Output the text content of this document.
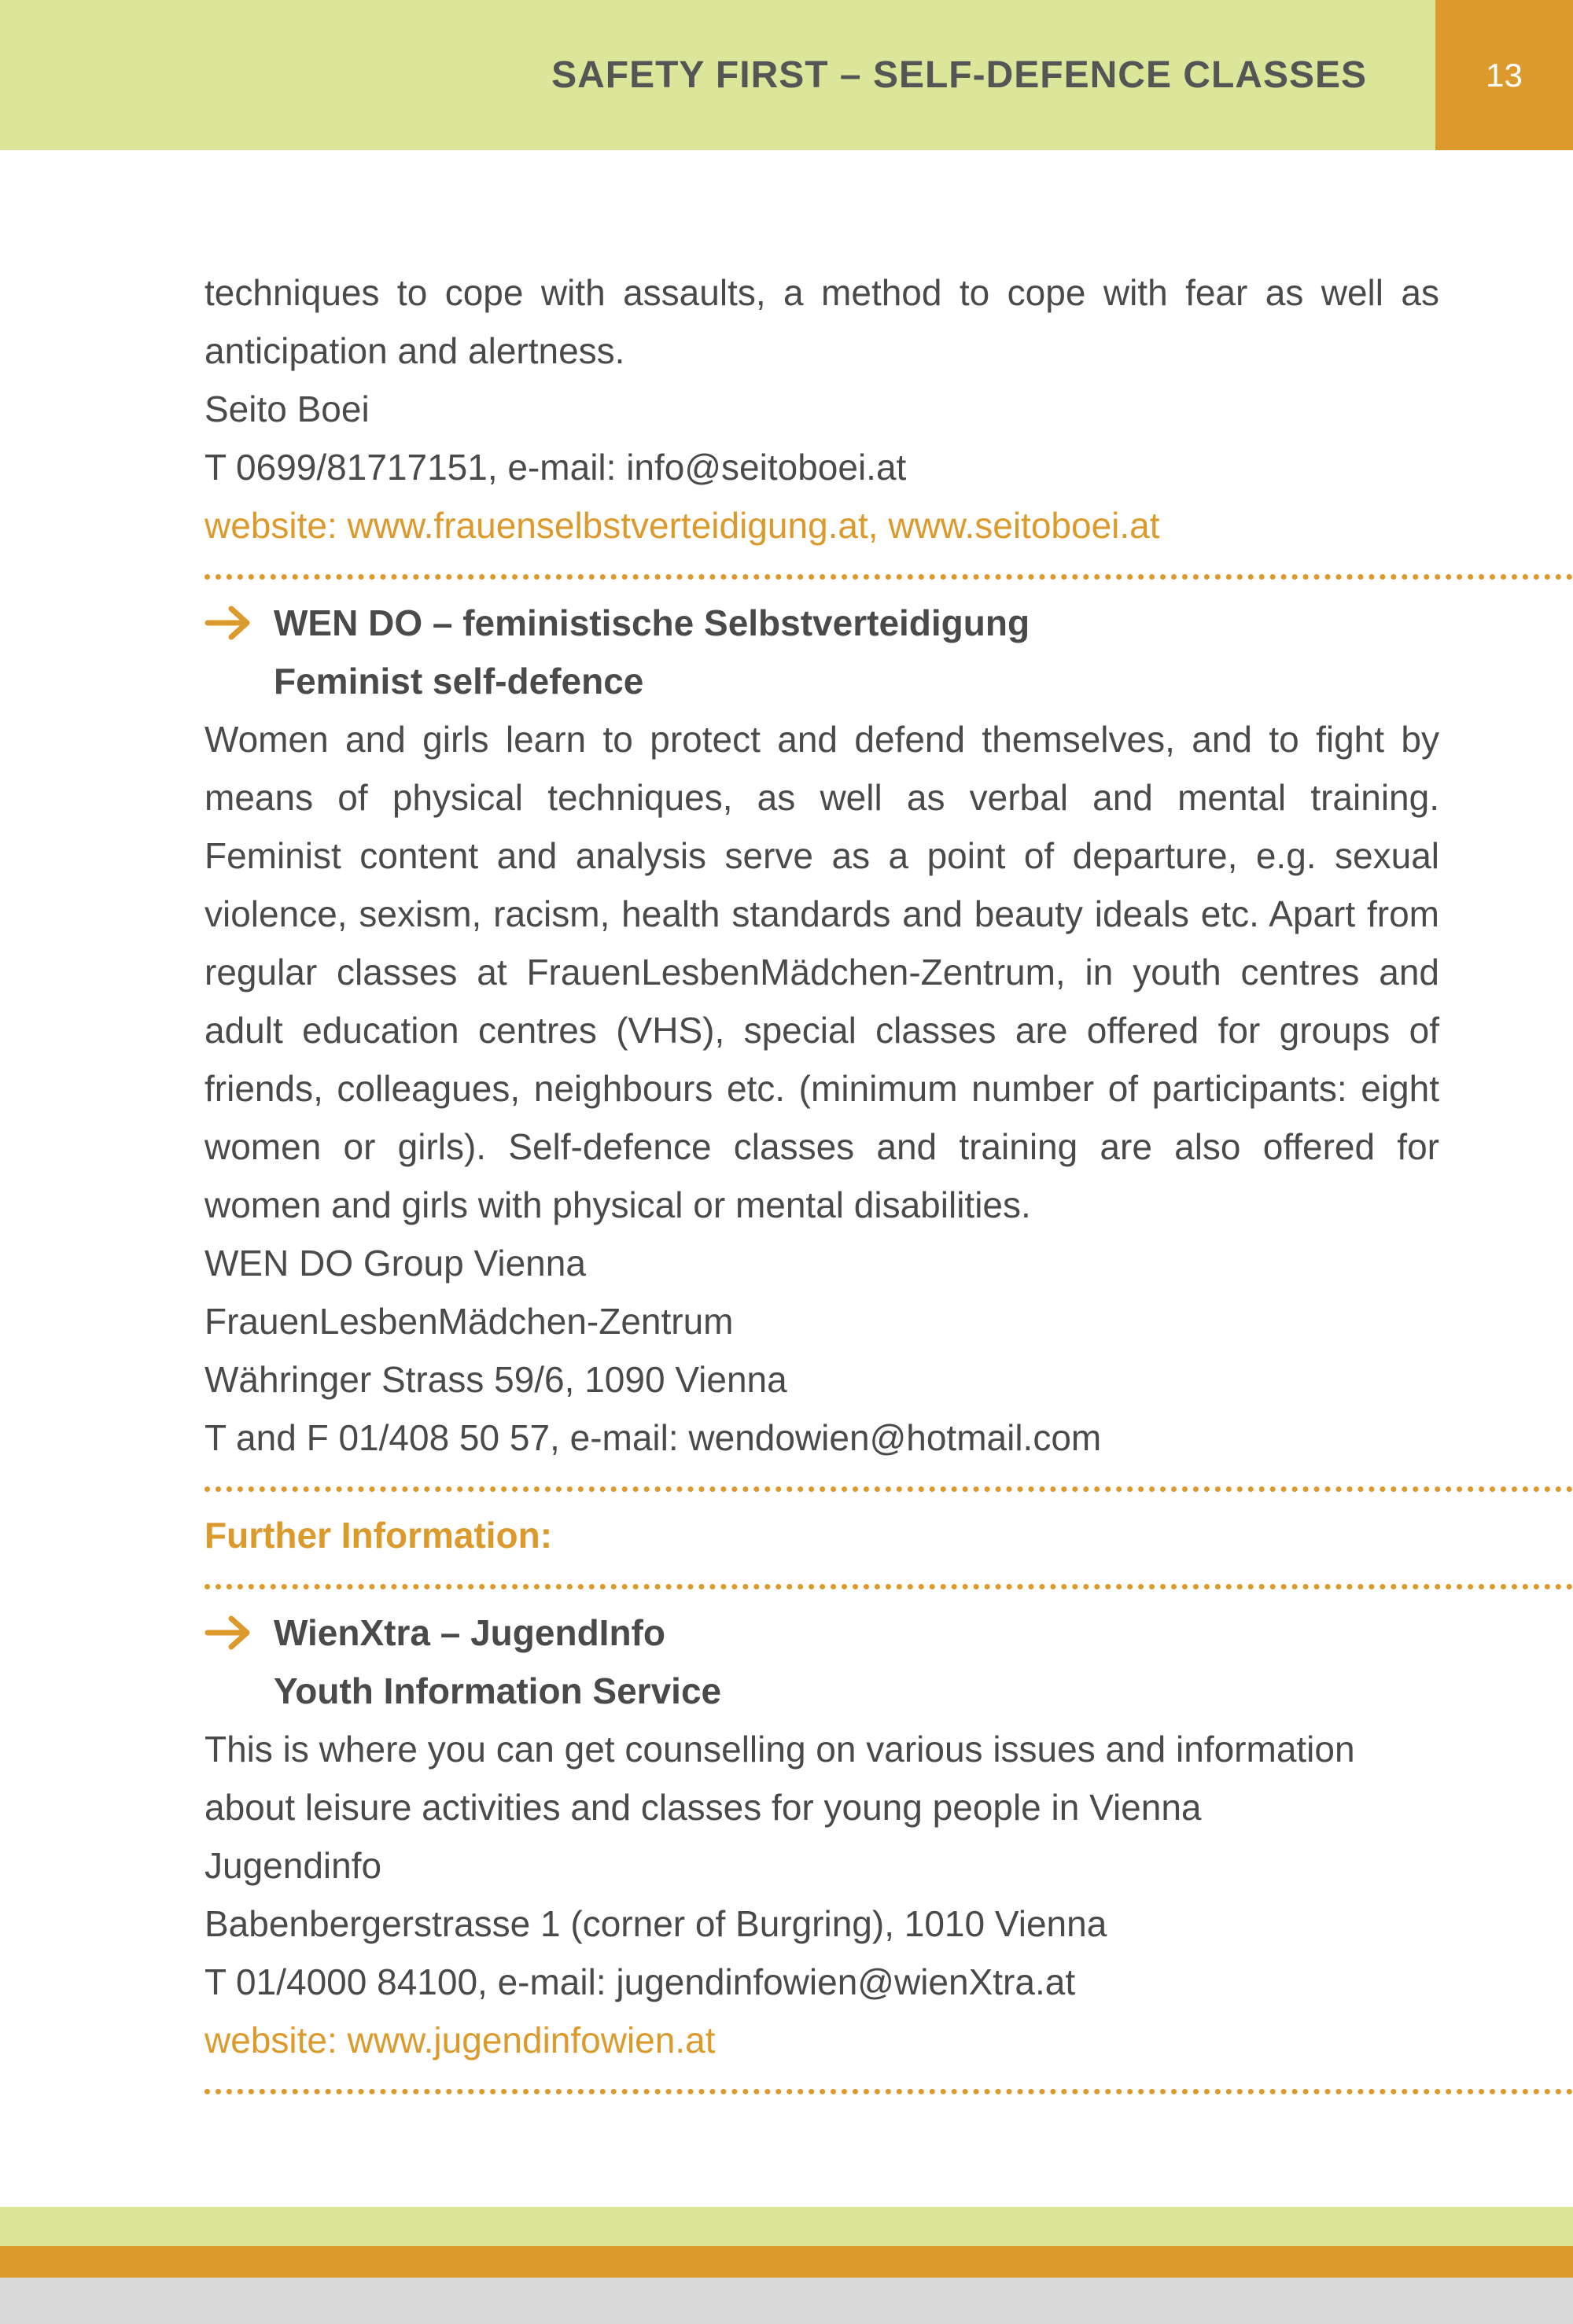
SAFETY FIRST – SELF-DEFENCE CLASSES	13

techniques to cope with assaults, a method to cope with fear as well as anticipation and alertness.

Seito Boei

T 0699/81717151, e-mail: info@seitoboei.at

website: www.frauenselbstverteidigung.at, www.seitoboei.at

WEN DO – feministische Selbstverteidigung
Feminist self-defence

Women and girls learn to protect and defend themselves, and to fight by means of physical techniques, as well as verbal and mental training. Feminist content and analysis serve as a point of departure, e.g. sexual violence, sexism, racism, health standards and beauty ideals etc. Apart from regular classes at FrauenLesbenMädchen-Zentrum, in youth centres and adult education centres (VHS), special classes are offered for groups of friends, colleagues, neighbours etc. (minimum number of participants: eight women or girls). Self-defence classes and training are also offered for women and girls with physical or mental disabilities.

WEN DO Group Vienna

FrauenLesbenMädchen-Zentrum

Währinger Strass 59/6, 1090 Vienna

T and F 01/408 50 57, e-mail: wendowien@hotmail.com

Further Information:

WienXtra – JugendInfo
Youth Information Service

This is where you can get counselling on various issues and information about leisure activities and classes for young people in Vienna

Jugendinfo

Babenbergerstrasse 1 (corner of Burgring), 1010 Vienna

T 01/4000 84100, e-mail: jugendinfowien@wienXtra.at

website: www.jugendinfowien.at
